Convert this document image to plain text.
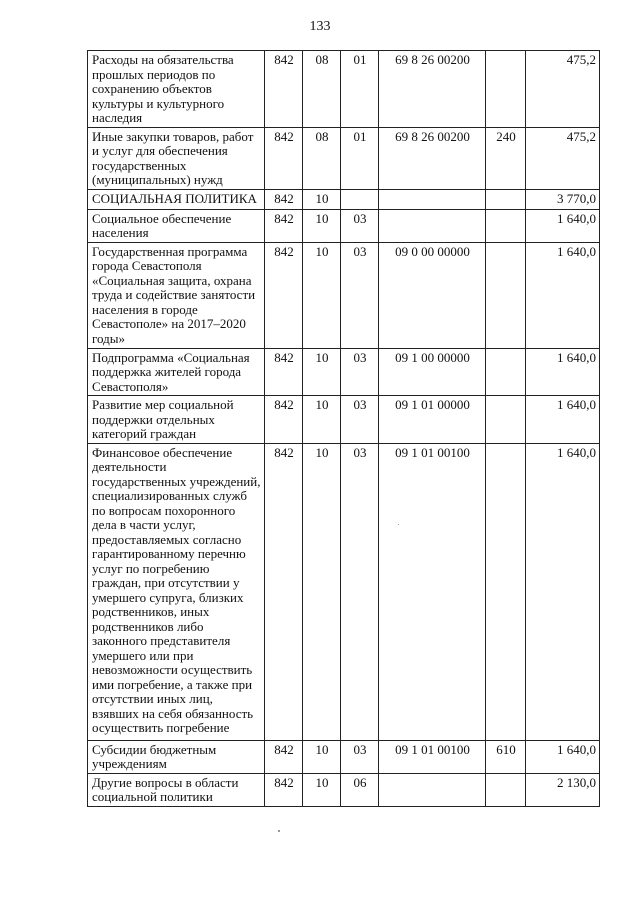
133
Расходы на обязательства прошлых периодов по сохранению объектов культуры и культурного наследия	842	08	01	69 8 26 00200		475,2
Иные закупки товаров, работ и услуг для обеспечения государственных (муниципальных) нужд	842	08	01	69 8 26 00200	240	475,2
СОЦИАЛЬНАЯ ПОЛИТИКА	842	10				3 770,0
Социальное обеспечение населения	842	10	03			1 640,0
Государственная программа города Севастополя «Социальная защита, охрана труда и содействие занятости населения в городе Севастополе» на 2017–2020 годы»	842	10	03	09 0 00 00000		1 640,0
Подпрограмма «Социальная поддержка жителей города Севастополя»	842	10	03	09 1 00 00000		1 640,0
Развитие мер социальной поддержки отдельных категорий граждан	842	10	03	09 1 01 00000		1 640,0
Финансовое обеспечение деятельности государственных учреждений, специализированных служб по вопросам похоронного дела в части услуг, предоставляемых согласно гарантированному перечню услуг по погребению граждан, при отсутствии у умершего супруга, близких родственников, иных родственников либо законного представителя умершего или при невозможности осуществить ими погребение, а также при отсутствии иных лиц, взявших на себя обязанность осуществить погребение	842	10	03	09 1 01 00100		1 640,0
Субсидии бюджетным учреждениям	842	10	03	09 1 01 00100	610	1 640,0
Другие вопросы в области социальной политики	842	10	06			2 130,0
